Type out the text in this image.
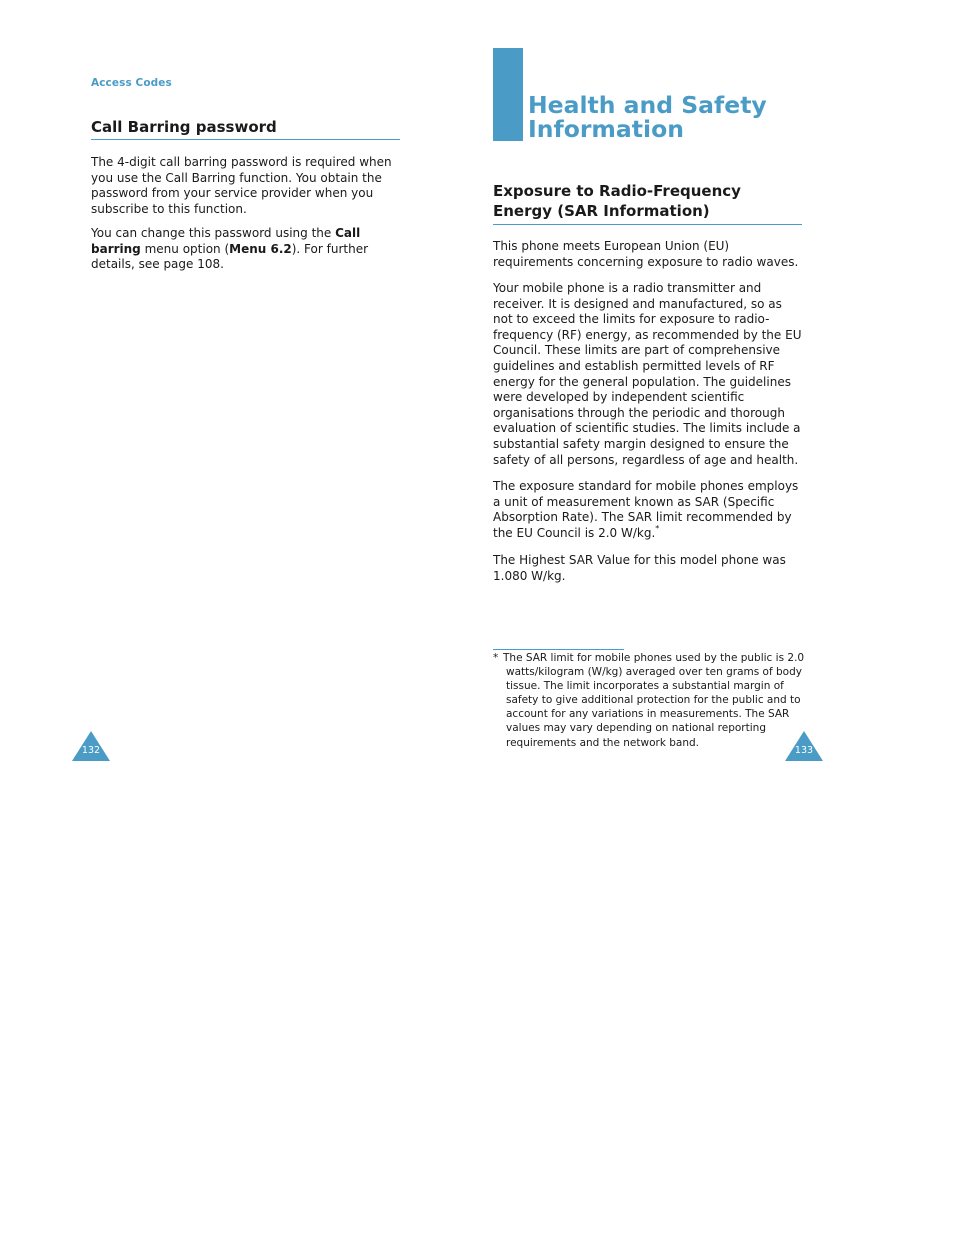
Access Codes
Call Barring password

The 4-digit call barring password is required when you use the Call Barring function. You obtain the password from your service provider when you subscribe to this function.

You can change this password using the Call barring menu option (Menu 6.2). For further details, see page 108.

132
Health and Safety Information
Exposure to Radio-Frequency Energy (SAR Information)

This phone meets European Union (EU) requirements concerning exposure to radio waves.

Your mobile phone is a radio transmitter and receiver. It is designed and manufactured, so as not to exceed the limits for exposure to radio-frequency (RF) energy, as recommended by the EU Council. These limits are part of comprehensive guidelines and establish permitted levels of RF energy for the general population. The guidelines were developed by independent scientific organisations through the periodic and thorough evaluation of scientific studies. The limits include a substantial safety margin designed to ensure the safety of all persons, regardless of age and health.

The exposure standard for mobile phones employs a unit of measurement known as SAR (Specific Absorption Rate). The SAR limit recommended by the EU Council is 2.0 W/kg.*

The Highest SAR Value for this model phone was 1.080 W/kg.

* The SAR limit for mobile phones used by the public is 2.0 watts/kilogram (W/kg) averaged over ten grams of body tissue. The limit incorporates a substantial margin of safety to give additional protection for the public and to account for any variations in measurements. The SAR values may vary depending on national reporting requirements and the network band.

133
